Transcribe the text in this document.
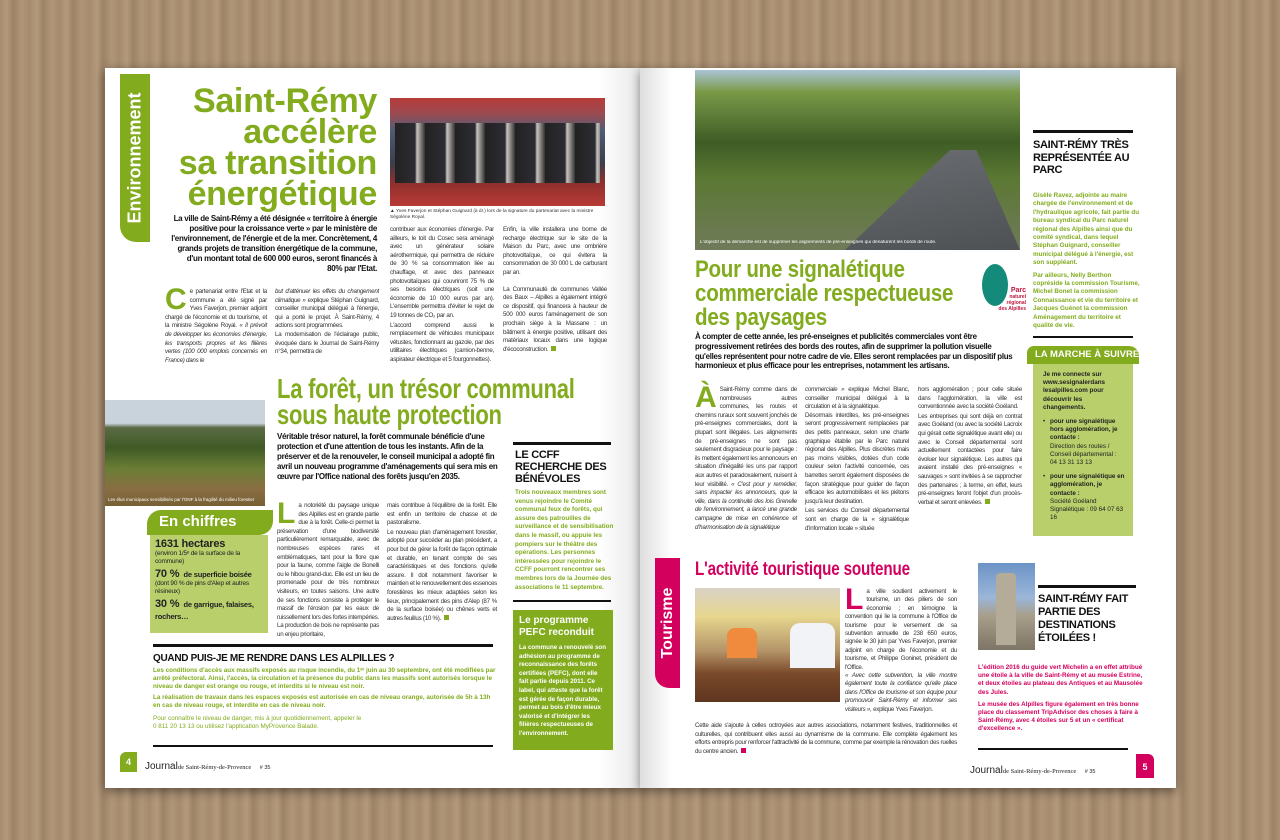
Environnement	Saint-Rémy
accélère
sa transition
énergétique	▲ Yves Faverjon et Stéphan Guignard (à dr.) lors de la signature du partenariat avec la ministre Ségolène Royal.
La ville de Saint-Rémy a été désignée « territoire à énergie positive pour la croissance verte » par le ministère de l'environnement, de l'énergie et de la mer. Concrètement, 4 grands projets de transition énergétique de la commune, d'un montant total de 600 000 euros, seront financés à 80% par l'Etat.
Ce partenariat entre l'Etat et la commune a été signé par Yves Faverjon, premier adjoint chargé de l'économie et du tourisme, et la ministre Ségolène Royal. « Il prévoit de développer les économies d'énergie, les transports propres et les filières vertes (100 000 emplois concernés en France) dans le
but d'atténuer les effets du changement climatique » explique Stéphan Guignard, conseiller municipal délégué à l'énergie, qui a porté le projet. À Saint-Rémy, 4 actions sont programmées.

La modernisation de l'éclairage public, évoquée dans le Journal de Saint-Rémy n°34, permettra de

contribuer aux économies d'énergie. Par ailleurs, le toit du Cosec sera aménagé avec un générateur solaire aérothermique, qui permettra de réduire de 30 % sa consommation liée au chauffage, et avec des panneaux photovoltaïques qui couvriront 75 % de ses besoins électriques (soit une économie de 10 000 euros par an). L'ensemble permettra d'éviter le rejet de 19 tonnes de CO₂ par an.

L'accord comprend aussi le remplacement de véhicules municipaux vétustes, fonctionnant au gazole, par des utilitaires électriques (camion-benne, aspirateur électrique et 5 fourgonnettes).

Enfin, la ville installera une borne de recharge électrique sur le site de la Maison du Parc, avec une ombrière photovoltaïque, ce qui évitera la consommation de 30 000 L de carburant par an.

La Communauté de communes Vallée des Baux – Alpilles a également intégré ce dispositif, qui financera à hauteur de 500 000 euros l'aménagement de son prochain siège à la Massane : un bâtiment à énergie positive, utilisant des matériaux locaux dans une logique d'écoconstruction.

Les élus municipaux sensibilisés par l'ONF à la fragilité du milieu forestier
La forêt, un trésor communal
sous haute protection
Véritable trésor naturel, la forêt communale bénéficie d'une protection et d'une attention de tous les instants. Afin de la préserver et de la renouveler, le conseil municipal a adopté fin avril un nouveau programme d'aménagements qui sera mis en œuvre par l'Office national des forêts jusqu'en 2035.
La notoriété du paysage unique des Alpilles est en grande partie due à la forêt. Celle-ci permet la préservation d'une biodiversité particulièrement remarquable, avec de nombreuses espèces rares et emblématiques, tant pour la flore que pour la faune, comme l'aigle de Bonelli ou le hibou grand-duc. Elle est un lieu de promenade pour de très nombreux visiteurs, en toutes saisons. Une autre de ses fonctions consiste à protéger le massif de l'érosion par les eaux de ruissellement lors des fortes intempéries. La production de bois ne représente pas un enjeu prioritaire,

mais contribue à l'équilibre de la forêt. Elle est enfin un territoire de chasse et de pastoralisme.

Le nouveau plan d'aménagement forestier, adopté pour succéder au plan précédent, a pour but de gérer la forêt de façon optimale et durable, en tenant compte de ses caractéristiques et des fonctions qu'elle assure. Il doit notamment favoriser le maintien et le renouvellement des essences forestières les mieux adaptées selon les lieux, principalement des pins d'Alep (87 % de la surface boisée) ou chênes verts et autres feuillus (10 %).

En chiffres
1631 hectares
(environ 1/5ᵉ de la surface de la commune)
70 % de superficie boisée
(dont 90 % de pins d'Alep et autres résineux)
30 % de garrigue, falaises, rochers…
LE CCFF RECHERCHE DES BÉNÉVOLES
Trois nouveaux membres sont venus rejoindre le Comité communal feux de forêts, qui assure des patrouilles de surveillance et de sensibilisation dans le massif, ou appuie les pompiers sur le théâtre des opérations. Les personnes intéressées pour rejoindre le CCFF pourront rencontrer ses membres lors de la Journée des associations le 11 septembre.
Le programme PEFC reconduit
La commune a renouvelé son adhésion au programme de reconnaissance des forêts certifiées (PEFC), dont elle fait partie depuis 2011. Ce label, qui atteste que la forêt est gérée de façon durable, permet au bois d'être mieux valorisé et d'intégrer les filières respectueuses de l'environnement.
QUAND PUIS-JE ME RENDRE DANS LES ALPILLES ?

Les conditions d'accès aux massifs exposés au risque incendie, du 1ᵉʳ juin au 30 septembre, ont été modifiées par arrêté préfectoral. Ainsi, l'accès, la circulation et la présence du public dans les massifs sont autorisés lorsque le niveau de danger est orange ou rouge, et interdits si le niveau est noir.

La réalisation de travaux dans les espaces exposés est autorisée en cas de niveau orange, autorisée de 5h à 13h en cas de niveau rouge, et interdite en cas de niveau noir.

Pour connaître le niveau de danger, mis à jour quotidiennement, appeler le 0 811 20 13 13 ou utilisez l'application MyProvence Balade.

4	Journalde Saint-Rémy-de-Provence # 35
L'objectif de la démarche est de supprimer les alignements de pré-enseignes qui dénaturent les bords de route.
Pour une signalétique
commerciale respectueuse
des paysages
Parc
naturel
régional
des Alpilles
À compter de cette année, les pré-enseignes et publicités commerciales vont être progressivement retirées des bords des routes, afin de supprimer la pollution visuelle qu'elles représentent pour notre cadre de vie. Elles seront remplacées par un dispositif plus harmonieux et plus efficace pour les entreprises, notamment les artisans.
À Saint-Rémy comme dans de nombreuses autres communes, les routes et chemins ruraux sont souvent jonchés de pré-enseignes commerciales, dont la plupart sont illégales. Les alignements de pré-enseignes ne sont pas seulement disgracieux pour le paysage : ils mettent également les annonceurs en situation d'inégalité les uns par rapport aux autres et paradoxalement, nuisent à leur visibilité. « C'est pour y remédier, sans impacter les annonceurs, que la ville, dans la continuité des lois Grenelle de l'environnement, a lancé une grande campagne de mise en cohérence et d'harmonisation de la signalétique
commerciale » explique Michel Blanc, conseiller municipal délégué à la circulation et à la signalétique.

Désormais interdites, les pré-enseignes seront progressivement remplacées par des petits panneaux, selon une charte graphique établie par le Parc naturel régional des Alpilles. Plus discrètes mais pas moins visibles, dotées d'un code couleur selon l'activité concernée, ces barrettes seront également disposées de façon stratégique pour guider de façon efficace les automobilistes et les piétons jusqu'à leur destination.

Les services du Conseil départemental sont en charge de la « signalétique d'information locale » située

hors agglomération ; pour celle située dans l'agglomération, la ville est conventionnée avec la société Goéland.

Les entreprises qui sont déjà en contrat avec Goéland (ou avec la société Lacroix qui gérait cette signalétique avant elle) ou avec le Conseil départemental sont actuellement contactées pour faire évoluer leur signalétique. Les autres qui avaient installé des pré-enseignes « sauvages » sont invitées à se rapprocher des partenaires ; à terme, en effet, leurs pré-enseignes feront l'objet d'un procès-verbal et seront enlevées.

SAINT-RÉMY TRÈS REPRÉSENTÉE AU PARC

Gisèle Ravez, adjointe au maire chargée de l'environnement et de l'hydraulique agricole, fait partie du bureau syndical du Parc naturel régional des Alpilles ainsi que du comité syndical, dans lequel Stéphan Guignard, conseiller municipal délégué à l'énergie, est son suppléant.

Par ailleurs, Nelly Berthon copréside la commission Tourisme, Michel Bonet la commission Connaissance et vie du territoire et Jacques Guénot la commission Aménagement du territoire et qualité de vie.

LA MARCHE À SUIVRE

Je me connecte sur www.sesignalerdans lesalpilles.com pour découvrir les changements.

• pour une signalétique hors agglomération, je contacte :
Direction des routes / Conseil départemental : 04 13 31 13 13
• pour une signalétique en agglomération, je contacte :
Société Goéland Signalétique : 09 64 07 63 16
Tourisme
L'activité touristique soutenue
La ville soutient activement le tourisme, un des piliers de son économie ; en témoigne la convention qui lie la commune à l'Office de tourisme pour le versement de sa subvention annuelle de 238 650 euros, signée le 30 juin par Yves Faverjon, premier adjoint en charge de l'économie et du tourisme, et Philippe Goninet, président de l'Office.

« Avec cette subvention, la ville montre également toute la confiance qu'elle place dans l'Office de tourisme et son équipe pour promouvoir Saint-Rémy et informer ses visiteurs », explique Yves Faverjon.

Cette aide s'ajoute à celles octroyées aux autres associations, notamment festives, traditionnelles et culturelles, qui contribuent elles aussi au dynamisme de la commune. Elle complète également les efforts entrepris pour renforcer l'attractivité de la commune, comme par exemple la rénovation des ruelles du centre ancien.
SAINT-RÉMY FAIT PARTIE DES DESTINATIONS ÉTOILÉES !

L'édition 2016 du guide vert Michelin a en effet attribué une étoile à la ville de Saint-Rémy et au musée Estrine, et deux étoiles au plateau des Antiques et au Mausolée des Jules.

Le musée des Alpilles figure également en très bonne place du classement TripAdvisor des choses à faire à Saint-Rémy, avec 4 étoiles sur 5 et un « certificat d'excellence ».

Journalde Saint-Rémy-de-Provence # 35	5
